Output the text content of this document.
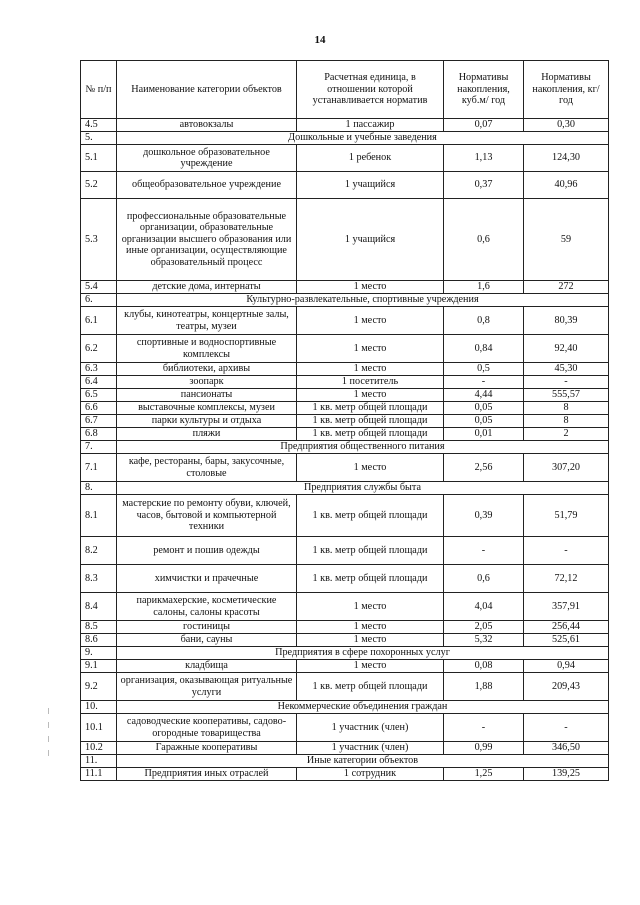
14
№ п/п	Наименование категории объектов	Расчетная единица, в отношении которой устанавливается норматив	Нормативы накопления, куб.м/ год	Нормативы накопления, кг/ год
4.5	автовокзалы	1 пассажир	0,07	0,30
5.	Дошкольные и учебные заведения			
5.1	дошкольное образовательное учреждение	1 ребенок	1,13	124,30
5.2	общеобразовательное учреждение	1 учащийся	0,37	40,96
5.3	профессиональные образовательные организации, образовательные организации высшего образования или иные организации, осуществляющие образовательный процесс	1 учащийся	0,6	59
5.4	детские дома, интернаты	1 место	1,6	272
6.	Культурно-развлекательные, спортивные учреждения			
6.1	клубы, кинотеатры, концертные залы, театры, музеи	1 место	0,8	80,39
6.2	спортивные и водноспортивные комплексы	1 место	0,84	92,40
6.3	библиотеки, архивы	1 место	0,5	45,30
6.4	зоопарк	1 посетитель	-	-
6.5	пансионаты	1 место	4,44	555,57
6.6	выставочные комплексы, музеи	1 кв. метр общей площади	0,05	8
6.7	парки культуры и отдыха	1 кв. метр общей площади	0,05	8
6.8	пляжи	1 кв. метр общей площади	0,01	2
7.	Предприятия общественного питания			
7.1	кафе, рестораны, бары, закусочные, столовые	1 место	2,56	307,20
8.	Предприятия службы быта			
8.1	мастерские по ремонту обуви, ключей, часов, бытовой и компьютерной техники	1 кв. метр общей площади	0,39	51,79
8.2	ремонт и пошив одежды	1 кв. метр общей площади	-	-
8.3	химчистки и прачечные	1 кв. метр общей площади	0,6	72,12
8.4	парикмахерские, косметические салоны, салоны красоты	1 место	4,04	357,91
8.5	гостиницы	1 место	2,05	256,44
8.6	бани, сауны	1 место	5,32	525,61
9.	Предприятия в сфере похоронных услуг			
9.1	кладбища	1 место	0,08	0,94
9.2	организация, оказывающая ритуальные услуги	1 кв. метр общей площади	1,88	209,43
10.	Некоммерческие объединения граждан			
10.1	садоводческие кооперативы, садово-огородные товарищества	1 участник (член)	-	-
10.2	Гаражные кооперативы	1 участник (член)	0,99	346,50
11.	Иные категории объектов			
11.1	Предприятия иных отраслей	1 сотрудник	1,25	139,25
